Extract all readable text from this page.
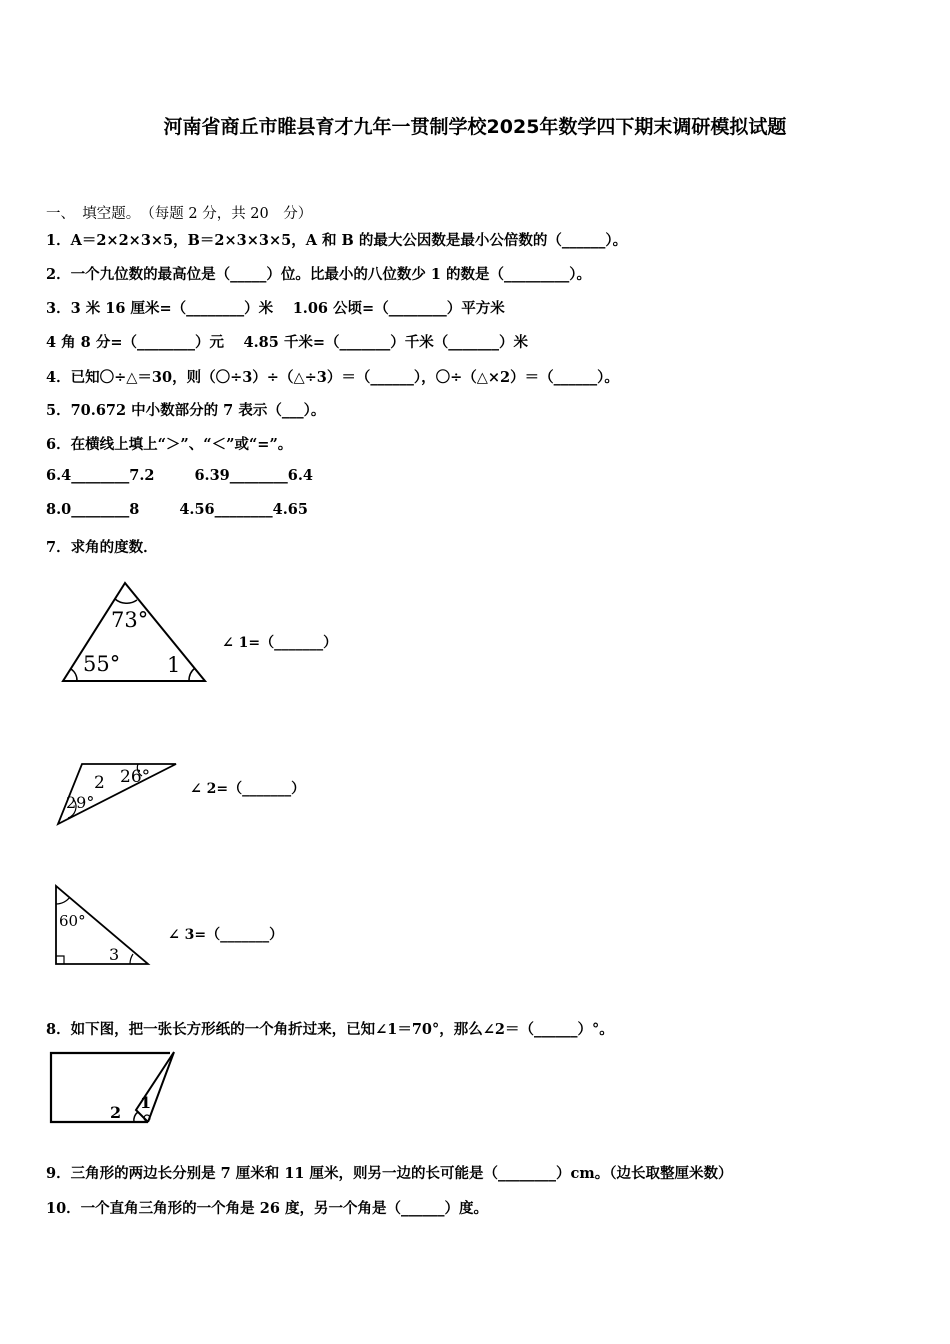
河南省商丘市睢县育才九年一贯制学校2025年数学四下期末调研模拟试题
一、　填空题。　（每题 2 分，共 20　分）
1．A＝2×2×3×5，B＝2×3×3×5，A 和 B 的最大公因数是最小公倍数的（______）。
2．一个九位数的最高位是（_____）位。比最小的八位数少 1 的数是（_________）。
3．3 米 16 厘米=（________）米　 1.06 公顷=（________）平方米
4 角 8 分=（________）元　 4.85 千米=（_______）千米（_______）米
4．已知〇÷△＝30，则（〇÷3）÷（△÷3）＝（______），〇÷（△×2）＝（______）。
5．70.672 中小数部分的 7 表示（___）。
6．在横线上填上“＞”、“＜”或“=”。
6.4________7.2	6.39________6.4
8.0________8	4.56________4.65
7．求角的度数．
73°
55° 1
∠ 1=（_______）
2 26°
29°
∠ 2=（_______）
60°
3
∠ 3=（_______）
8．如下图，把一张长方形纸的一个角折过来，已知∠1＝70°，那么∠2＝（______）°。
2
1
9．三角形的两边长分别是 7 厘米和 11 厘米，则另一边的长可能是（________）cm。（边长取整厘米数）
10．一个直角三角形的一个角是 26 度，另一个角是（______）度。
